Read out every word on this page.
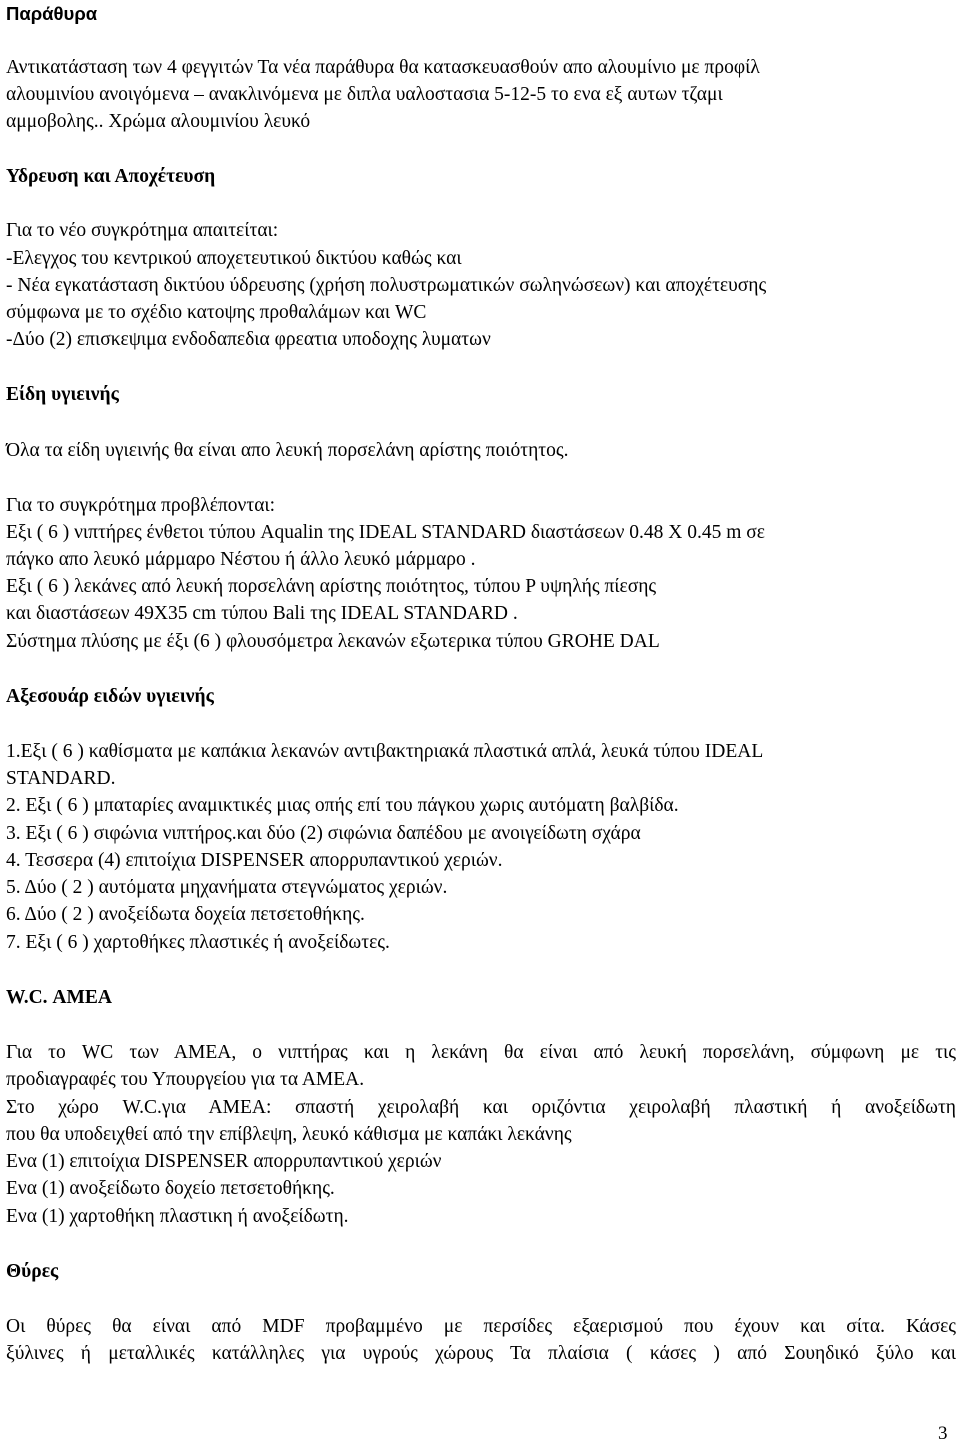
Παράθυρα
Αντικατάσταση των 4 φεγγιτών Τα νέα παράθυρα θα κατασκευασθούν απο αλουμίνιο με προφίλ
αλουμινίου ανοιγόμενα – ανακλινόμενα με διπλα υαλοστασια 5-12-5 το ενα εξ αυτων τζαμι
αμμοβολης.. Χρώμα αλουμινίου λευκό
Υδρευση και Αποχέτευση
Για το νέο συγκρότημα απαιτείται:
-Ελεγχος του κεντρικού αποχετευτικού δικτύου καθώς και
- Νέα εγκατάσταση δικτύου ύδρευσης (χρήση πολυστρωματικών σωληνώσεων) και αποχέτευσης
σύμφωνα με το σχέδιο κατοψης προθαλάμων και WC
-Δύο (2) επισκεψιμα ενδοδαπεδια φρεατια υποδοχης λυματων
Είδη υγιεινής
Όλα τα είδη υγιεινής θα είναι απο λευκή πορσελάνη αρίστης ποιότητος.
Για το συγκρότημα προβλέπονται:
Εξι ( 6 ) νιπτήρες ένθετοι τύπου Aqualin της IDEAL STANDARD διαστάσεων 0.48 X 0.45 m σε
πάγκο απο λευκό μάρμαρο Νέστου ή άλλο λευκό μάρμαρο .
Εξι ( 6 ) λεκάνες από λευκή πορσελάνη αρίστης ποιότητος, τύπου P υψηλής πίεσης
και διαστάσεων 49X35 cm τύπου Bali της IDEAL STANDARD .
Σύστημα πλύσης με έξι (6 ) φλουσόμετρα λεκανών εξωτερικα τύπου GROHE DAL
Αξεσουάρ ειδών υγιεινής
1.Εξι ( 6 ) καθίσματα με καπάκια λεκανών αντιβακτηριακά πλαστικά απλά, λευκά τύπου IDEAL
STANDARD.
2. Εξι ( 6 ) μπαταρίες αναμικτικές μιας οπής επί του πάγκου χωρις αυτόματη βαλβίδα.
3. Εξι ( 6 ) σιφώνια νιπτήρος.και δύο (2) σιφώνια δαπέδου με ανοιγείδωτη σχάρα
4. Τεσσερα (4) επιτοίχια DISPENSER απορρυπαντικού χεριών.
5. Δύο ( 2 ) αυτόματα μηχανήματα στεγνώματος χεριών.
6. Δύο ( 2 ) ανοξείδωτα δοχεία πετσετοθήκης.
7. Εξι ( 6 ) χαρτοθήκες πλαστικές ή ανοξείδωτες.
W.C. ΑΜΕΑ
Για το WC των ΑΜΕΑ, ο νιπτήρας και η λεκάνη θα είναι από λευκή πορσελάνη, σύμφωνη με τις
προδιαγραφές του Υπουργείου για τα ΑΜΕΑ.
Στο χώρο W.C.για ΑΜΕΑ: σπαστή χειρολαβή και οριζόντια χειρολαβή πλαστική ή ανοξείδωτη
που θα υποδειχθεί από την επίβλεψη, λευκό κάθισμα με καπάκι λεκάνης
Ενα (1) επιτοίχια DISPENSER απορρυπαντικού χεριών
Ενα (1) ανοξείδωτο δοχείο πετσετοθήκης.
Ενα (1) χαρτοθήκη πλαστικη ή ανοξείδωτη.
Θύρες
Οι θύρες θα είναι από MDF προβαμμένο με περσίδες εξαερισμού που έχουν και σίτα. Κάσες
ξύλινες ή μεταλλικές κατάλληλες για υγρούς χώρους Τα πλαίσια ( κάσες ) από Σουηδικό ξύλο και
3
